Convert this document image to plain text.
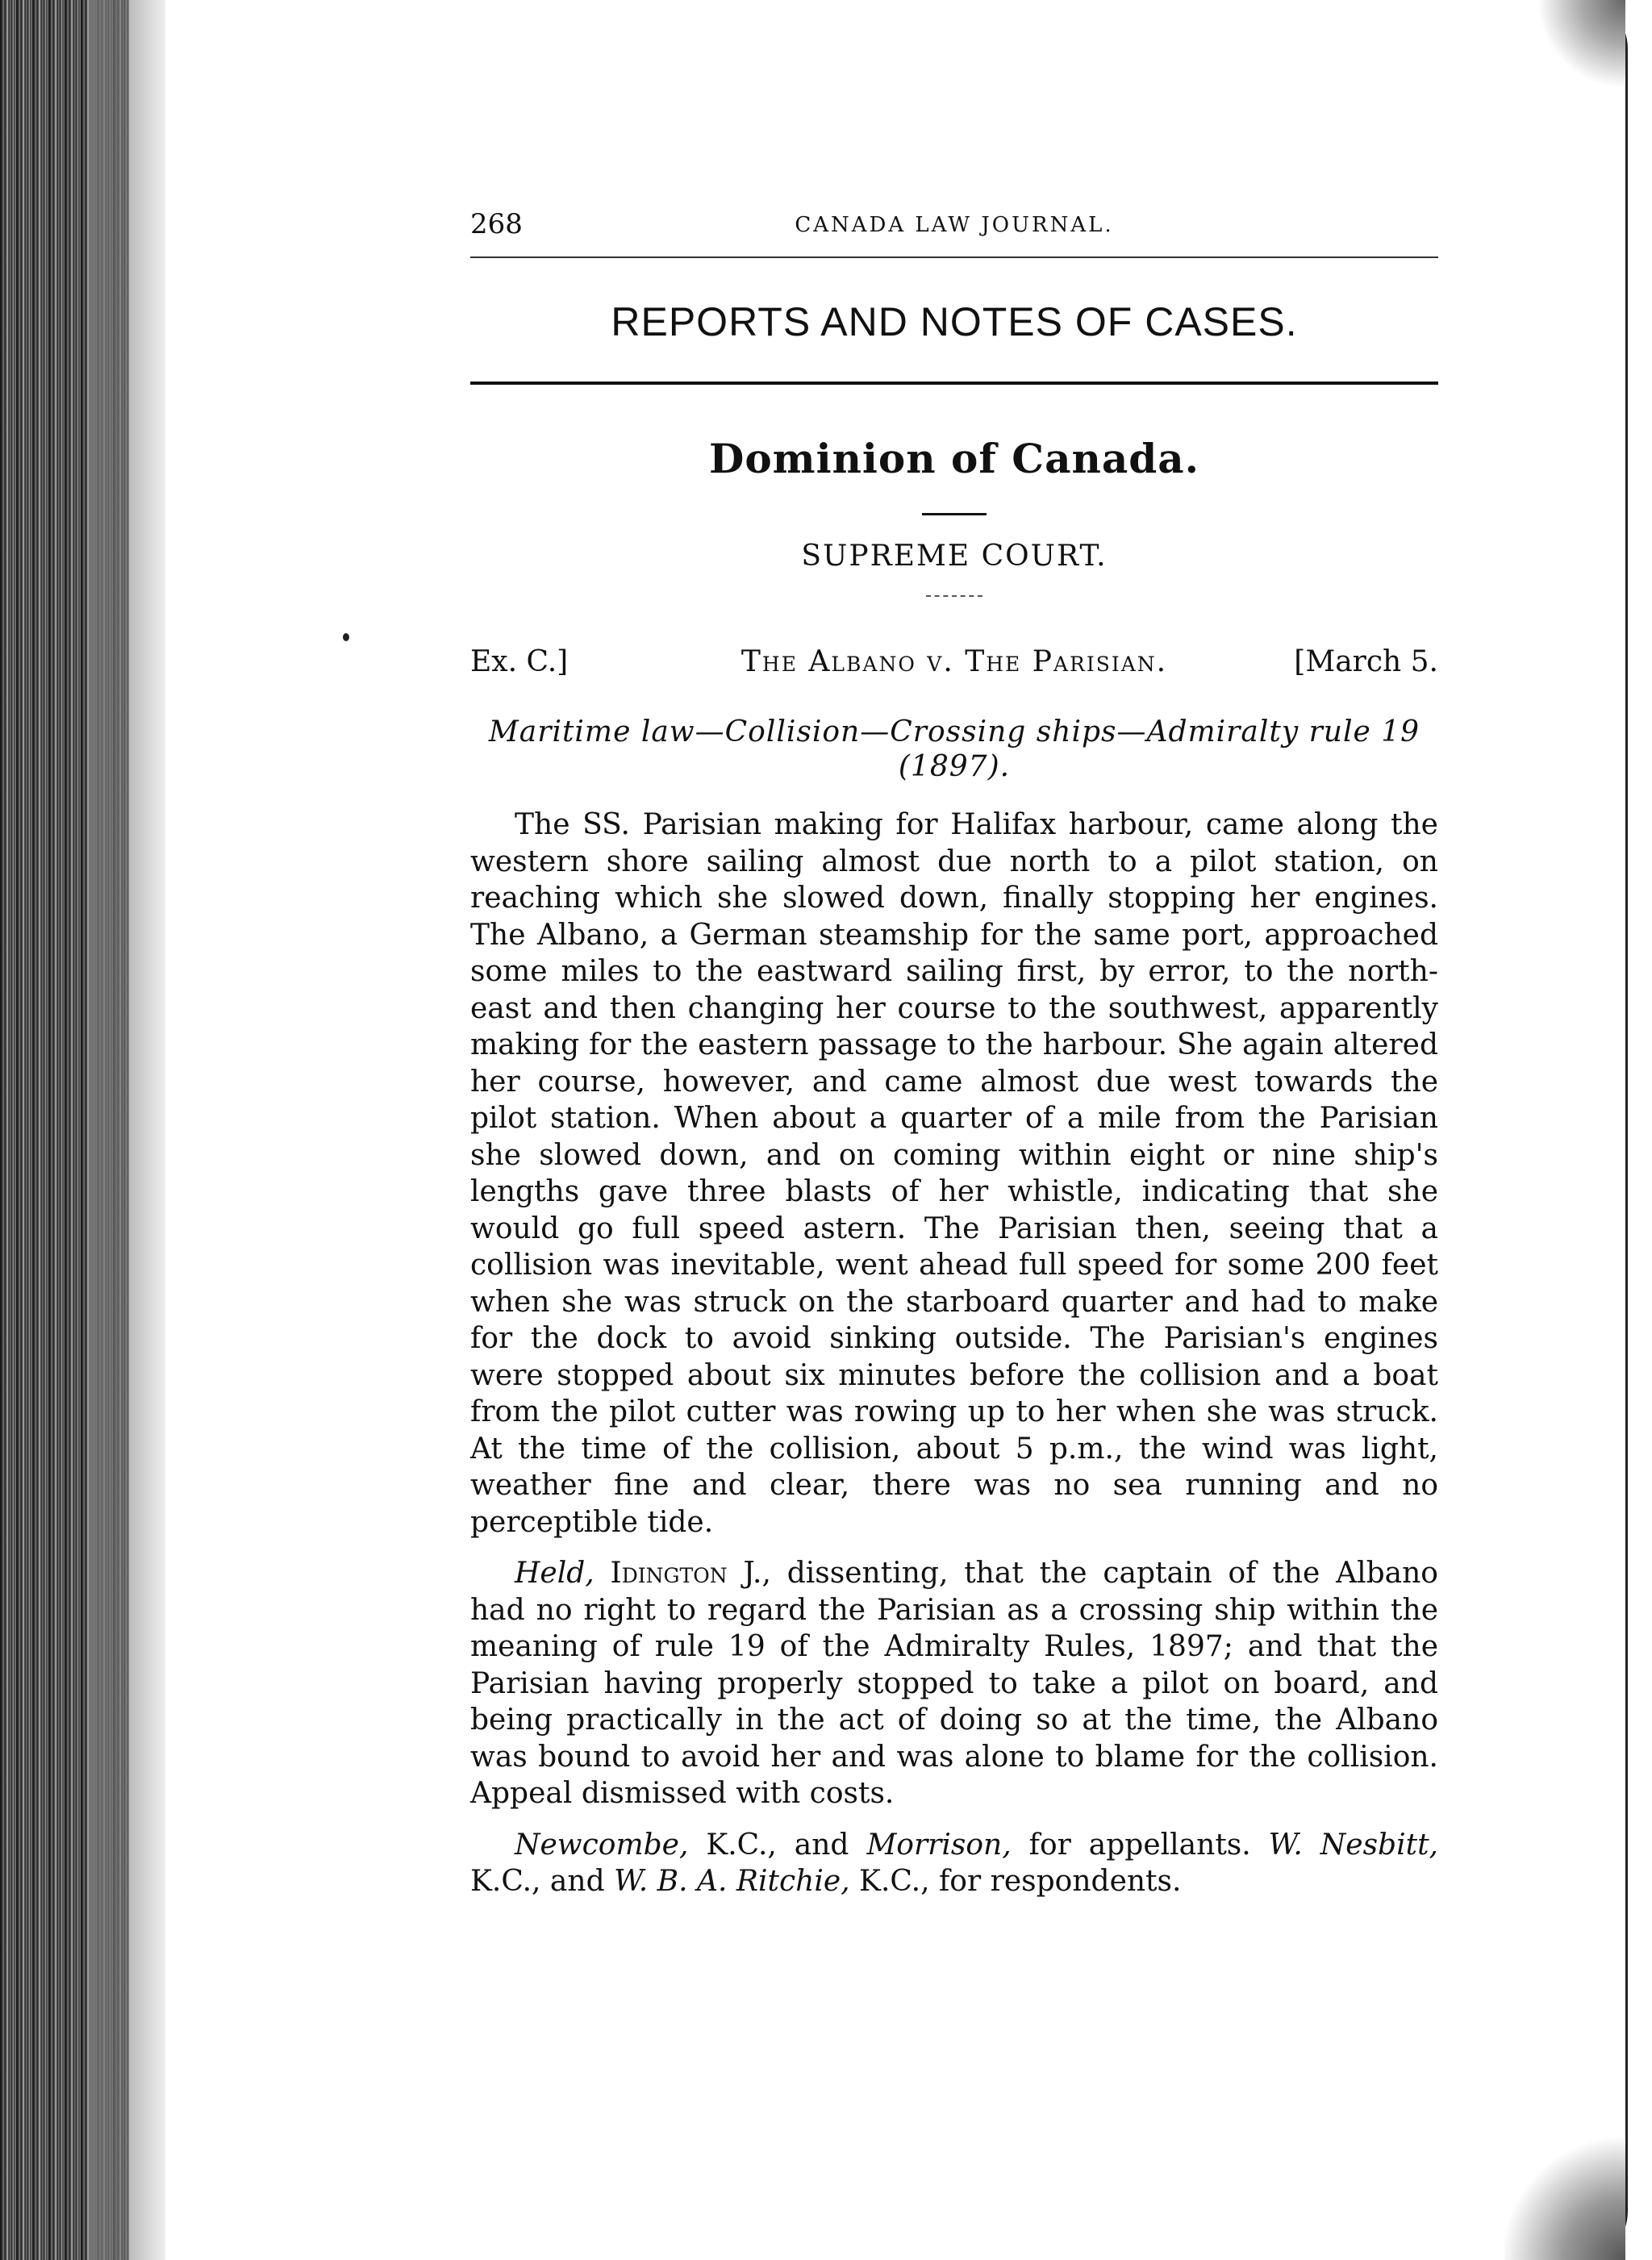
268	CANADA LAW JOURNAL.
REPORTS AND NOTES OF CASES.
Dominion of Canada.
SUPREME COURT.
Ex. C.]	The Albano v. The Parisian.	[March 5.
Maritime law—Collision—Crossing ships—Admiralty rule 19
(1897).

The SS. Parisian making for Halifax harbour, came along the western shore sailing almost due north to a pilot station, on reaching which she slowed down, finally stopping her engines. The Albano, a German steamship for the same port, approached some miles to the eastward sailing first, by error, to the north-east and then changing her course to the southwest, apparently making for the eastern passage to the harbour. She again altered her course, however, and came almost due west towards the pilot station. When about a quarter of a mile from the Parisian she slowed down, and on coming within eight or nine ship's lengths gave three blasts of her whistle, indicating that she would go full speed astern. The Parisian then, seeing that a collision was inevitable, went ahead full speed for some 200 feet when she was struck on the starboard quarter and had to make for the dock to avoid sinking outside. The Parisian's engines were stopped about six minutes before the collision and a boat from the pilot cutter was rowing up to her when she was struck. At the time of the collision, about 5 p.m., the wind was light, weather fine and clear, there was no sea running and no perceptible tide.

Held, Idington J., dissenting, that the captain of the Albano had no right to regard the Parisian as a crossing ship within the meaning of rule 19 of the Admiralty Rules, 1897; and that the Parisian having properly stopped to take a pilot on board, and being practically in the act of doing so at the time, the Albano was bound to avoid her and was alone to blame for the collision. Appeal dismissed with costs.

Newcombe, K.C., and Morrison, for appellants. W. Nesbitt, K.C., and W. B. A. Ritchie, K.C., for respondents.
